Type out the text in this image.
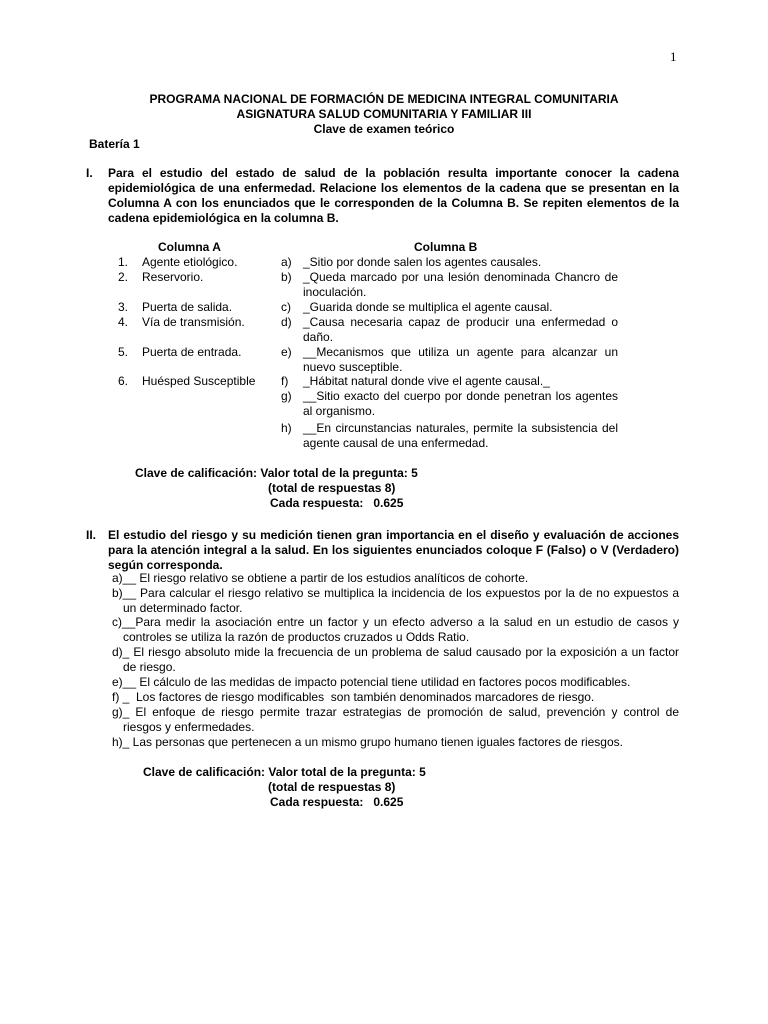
1
PROGRAMA NACIONAL DE FORMACIÓN DE MEDICINA INTEGRAL COMUNITARIA
ASIGNATURA SALUD COMUNITARIA Y FAMILIAR III
Clave de examen teórico
Batería 1
I. Para el estudio del estado de salud de la población resulta importante conocer la cadena epidemiológica de una enfermedad. Relacione los elementos de la cadena que se presentan en la Columna A con los enunciados que le corresponden de la Columna B. Se repiten elementos de la cadena epidemiológica en la columna B.
Columna A	Columna B
1. Agente etiológico.
2. Reservorio.
3. Puerta de salida.
4. Vía de transmisión.
5. Puerta de entrada.
6. Huésped Susceptible
a) _Sitio por donde salen los agentes causales.
b) _Queda marcado por una lesión denominada Chancro de inoculación.
c) _Guarida donde se multiplica el agente causal.
d) _Causa necesaria capaz de producir una enfermedad o daño.
e) __Mecanismos que utiliza un agente para alcanzar un nuevo susceptible.
f) _Hábitat natural donde vive el agente causal._
g) __Sitio exacto del cuerpo por donde penetran los agentes al organismo.
h) __En circunstancias naturales, permite la subsistencia del agente causal de una enfermedad.
Clave de calificación: Valor total de la pregunta: 5
(total de respuestas 8)
Cada respuesta:   0.625
II. El estudio del riesgo y su medición tienen gran importancia en el diseño y evaluación de acciones para la atención integral a la salud. En los siguientes enunciados coloque F (Falso) o V (Verdadero) según corresponda.
a)__ El riesgo relativo se obtiene a partir de los estudios analíticos de cohorte.
b)__ Para calcular el riesgo relativo se multiplica la incidencia de los expuestos por la de no expuestos a un determinado factor.
c)__Para medir la asociación entre un factor y un efecto adverso a la salud en un estudio de casos y controles se utiliza la razón de productos cruzados u Odds Ratio.
d)_ El riesgo absoluto mide la frecuencia de un problema de salud causado por la exposición a un factor de riesgo.
e)__ El cálculo de las medidas de impacto potencial tiene utilidad en factores pocos modificables.
f) _  Los factores de riesgo modificables  son también denominados marcadores de riesgo.
g)_ El enfoque de riesgo permite trazar estrategias de promoción de salud, prevención y control de riesgos y enfermedades.
h)_ Las personas que pertenecen a un mismo grupo humano tienen iguales factores de riesgos.
Clave de calificación: Valor total de la pregunta: 5
(total de respuestas 8)
Cada respuesta:   0.625
